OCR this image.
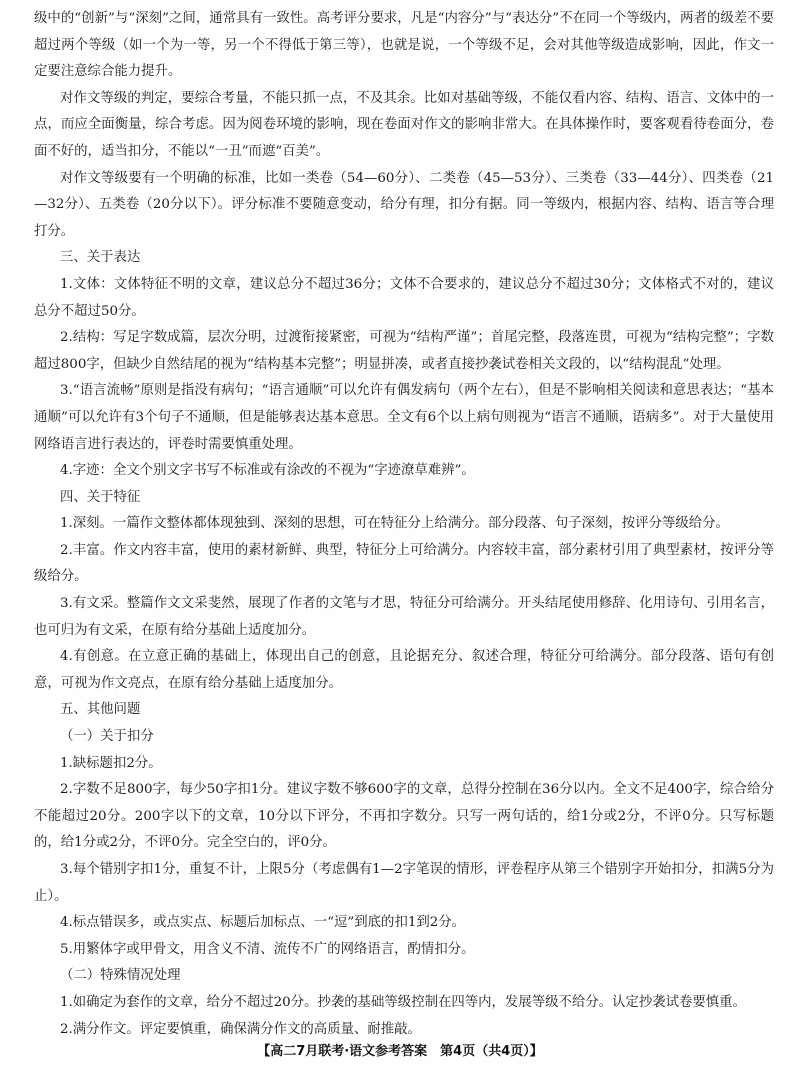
级中的“创新”与“深刻”之间，通常具有一致性。高考评分要求，凡是“内容分”与“表达分”不在同一个等级内，两者的级差不要超过两个等级（如一个为一等，另一个不得低于第三等），也就是说，一个等级不足，会对其他等级造成影响，因此，作文一定要注意综合能力提升。

对作文等级的判定，要综合考量，不能只抓一点，不及其余。比如对基础等级，不能仅看内容、结构、语言、文体中的一点，而应全面衡量，综合考虑。因为阅卷环境的影响，现在卷面对作文的影响非常大。在具体操作时，要客观看待卷面分，卷面不好的，适当扣分，不能以“一丑”而遮“百美”。

对作文等级要有一个明确的标准，比如一类卷（54—60分）、二类卷（45—53分）、三类卷（33—44分）、四类卷（21—32分）、五类卷（20分以下）。评分标准不要随意变动，给分有理，扣分有据。同一等级内，根据内容、结构、语言等合理打分。

三、关于表达

1.文体：文体特征不明的文章，建议总分不超过36分；文体不合要求的，建议总分不超过30分；文体格式不对的，建议总分不超过50分。

2.结构：写足字数成篇，层次分明，过渡衔接紧密，可视为“结构严谨”；首尾完整，段落连贯，可视为“结构完整”；字数超过800字，但缺少自然结尾的视为“结构基本完整”；明显拼凑，或者直接抄袭试卷相关文段的，以“结构混乱”处理。

3.“语言流畅”原则是指没有病句；“语言通顺”可以允许有偶发病句（两个左右），但是不影响相关阅读和意思表达；“基本通顺”可以允许有3个句子不通顺，但是能够表达基本意思。全文有6个以上病句则视为“语言不通顺，语病多”。对于大量使用网络语言进行表达的，评卷时需要慎重处理。

4.字迹：全文个别文字书写不标准或有涂改的不视为“字迹潦草难辨”。

四、关于特征

1.深刻。一篇作文整体都体现独到、深刻的思想，可在特征分上给满分。部分段落、句子深刻，按评分等级给分。

2.丰富。作文内容丰富，使用的素材新鲜、典型，特征分上可给满分。内容较丰富，部分素材引用了典型素材，按评分等级给分。

3.有文采。整篇作文文采斐然，展现了作者的文笔与才思，特征分可给满分。开头结尾使用修辞、化用诗句、引用名言，也可归为有文采，在原有给分基础上适度加分。

4.有创意。在立意正确的基础上，体现出自己的创意，且论据充分、叙述合理，特征分可给满分。部分段落、语句有创意，可视为作文亮点，在原有给分基础上适度加分。

五、其他问题

（一）关于扣分

1.缺标题扣2分。

2.字数不足800字，每少50字扣1分。建议字数不够600字的文章，总得分控制在36分以内。全文不足400字，综合给分不能超过20分。200字以下的文章，10分以下评分，不再扣字数分。只写一两句话的，给1分或2分，不评0分。只写标题的，给1分或2分，不评0分。完全空白的，评0分。

3.每个错别字扣1分，重复不计，上限5分（考虑偶有1—2字笔误的情形，评卷程序从第三个错别字开始扣分，扣满5分为止）。

4.标点错误多，或点实点、标题后加标点、一“逗”到底的扣1到2分。

5.用繁体字或甲骨文，用含义不清、流传不广的网络语言，酌情扣分。

（二）特殊情况处理

1.如确定为套作的文章，给分不超过20分。抄袭的基础等级控制在四等内，发展等级不给分。认定抄袭试卷要慎重。

2.满分作文。评定要慎重，确保满分作文的高质量、耐推敲。

【高二7月联考·语文参考答案　第4页（共4页）】
